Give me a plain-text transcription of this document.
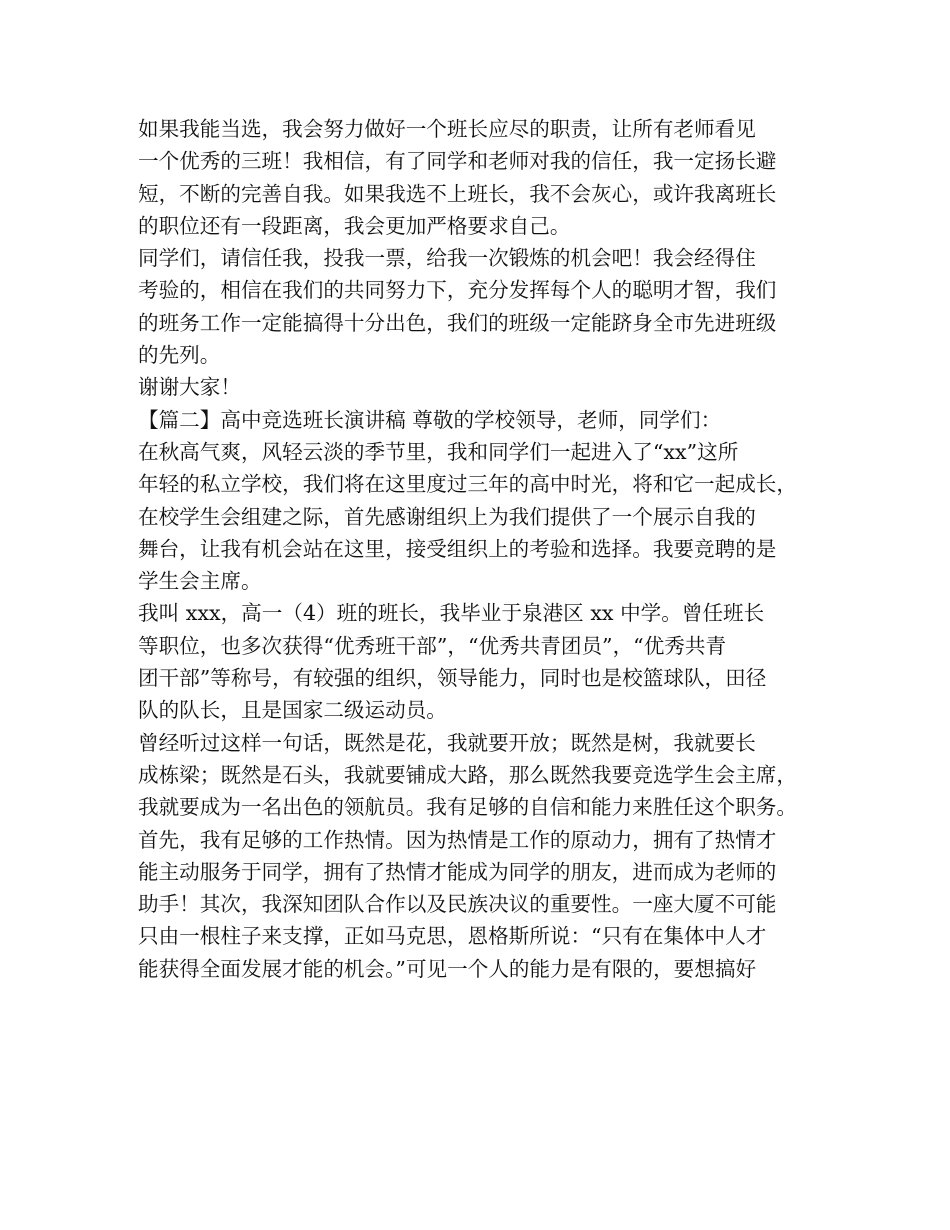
如果我能当选，我会努力做好一个班长应尽的职责，让所有老师看见
一个优秀的三班！我相信，有了同学和老师对我的信任，我一定扬长避
短，不断的完善自我。如果我选不上班长，我不会灰心，或许我离班长
的职位还有一段距离，我会更加严格要求自己。
同学们，请信任我，投我一票，给我一次锻炼的机会吧！我会经得住
考验的，相信在我们的共同努力下，充分发挥每个人的聪明才智，我们
的班务工作一定能搞得十分出色，我们的班级一定能跻身全市先进班级
的先列。
谢谢大家！
【篇二】高中竞选班长演讲稿 尊敬的学校领导，老师，同学们：
在秋高气爽，风轻云淡的季节里，我和同学们一起进入了“xx”这所
年轻的私立学校，我们将在这里度过三年的高中时光，将和它一起成长，
在校学生会组建之际，首先感谢组织上为我们提供了一个展示自我的
舞台，让我有机会站在这里，接受组织上的考验和选择。我要竞聘的是
学生会主席。
我叫 xxx，高一（4）班的班长，我毕业于泉港区 xx 中学。曾任班长
等职位，也多次获得“优秀班干部”，“优秀共青团员”，“优秀共青
团干部”等称号，有较强的组织，领导能力，同时也是校篮球队，田径
队的队长，且是国家二级运动员。
曾经听过这样一句话，既然是花，我就要开放；既然是树，我就要长
成栋梁；既然是石头，我就要铺成大路，那么既然我要竞选学生会主席，
我就要成为一名出色的领航员。我有足够的自信和能力来胜任这个职务。
首先，我有足够的工作热情。因为热情是工作的原动力，拥有了热情才
能主动服务于同学，拥有了热情才能成为同学的朋友，进而成为老师的
助手！其次，我深知团队合作以及民族决议的重要性。一座大厦不可能
只由一根柱子来支撑，正如马克思，恩格斯所说：“只有在集体中人才
能获得全面发展才能的机会。”可见一个人的能力是有限的，要想搞好
